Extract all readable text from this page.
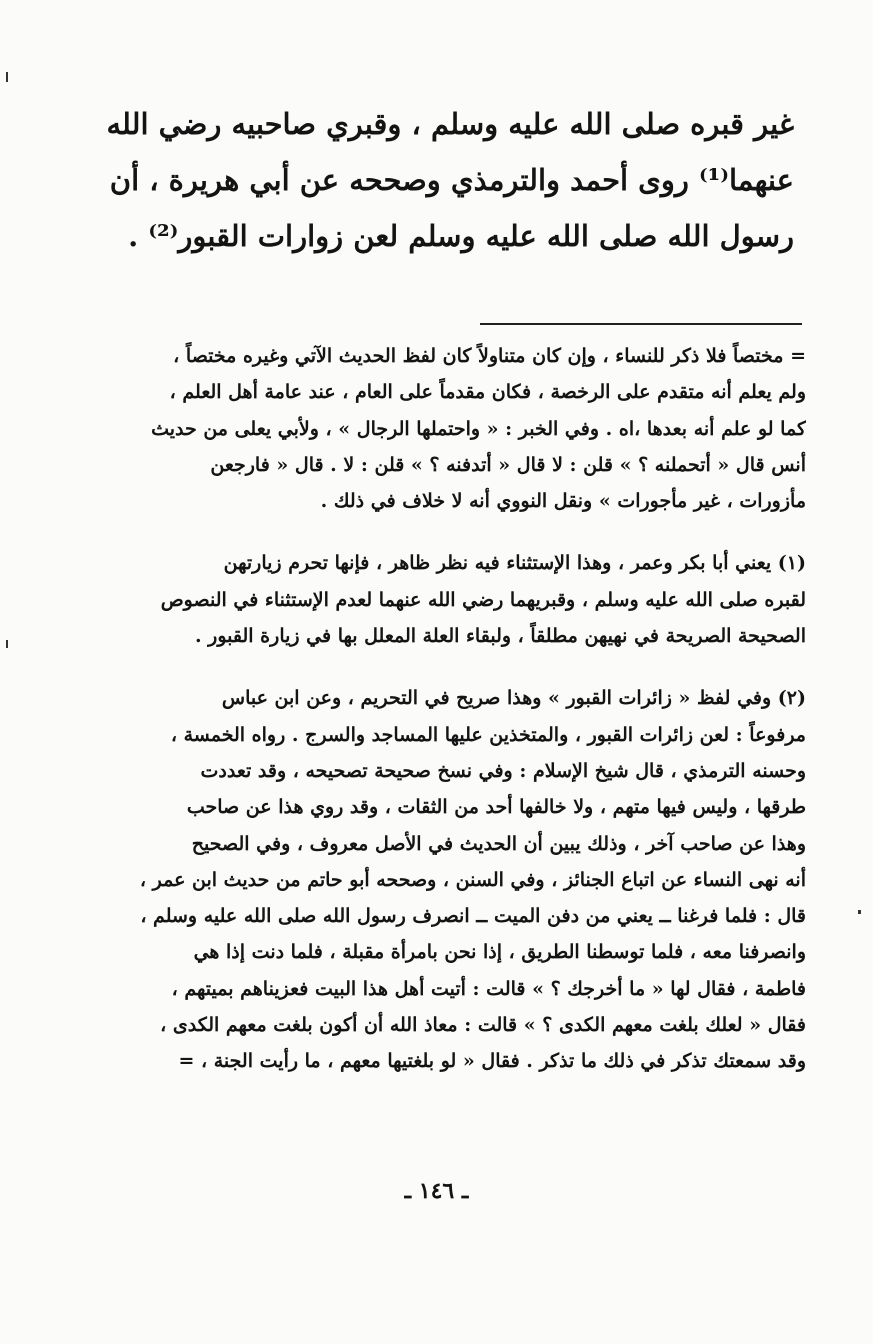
غير قبره صلى الله عليه وسلم ، وقبري صاحبيه رضي الله
عنهما⁽¹⁾ روى أحمد والترمذي وصححه عن أبي هريرة ، أن
رسول الله صلى الله عليه وسلم لعن زوارات القبور⁽²⁾ .
= مختصاً فلا ذكر للنساء ، وإن كان متناولاً كان لفظ الحديث الآتي وغيره مختصاً ،
ولم يعلم أنه متقدم على الرخصة ، فكان مقدماً على العام ، عند عامة أهل العلم ،
كما لو علم أنه بعدها ،اه . وفي الخبر : « واحتملها الرجال » ، ولأبي يعلى من حديث
أنس قال « أتحملنه ؟ » قلن : لا قال « أتدفنه ؟ » قلن : لا . قال « فارجعن
مأزورات ، غير مأجورات » ونقل النووي أنه لا خلاف في ذلك .
(١) يعني أبا بكر وعمر ، وهذا الإستثناء فيه نظر ظاهر ، فإنها تحرم زيارتهن
لقبره صلى الله عليه وسلم ، وقبريهما رضي الله عنهما لعدم الإستثناء في النصوص
الصحيحة الصريحة في نهيهن مطلقاً ، ولبقاء العلة المعلل بها في زيارة القبور .
(٢) وفي لفظ « زائرات القبور » وهذا صريح في التحريم ، وعن ابن عباس
مرفوعاً : لعن زائرات القبور ، والمتخذين عليها المساجد والسرج . رواه الخمسة ،
وحسنه الترمذي ، قال شيخ الإسلام : وفي نسخ صحيحة تصحيحه ، وقد تعددت
طرقها ، وليس فيها متهم ، ولا خالفها أحد من الثقات ، وقد روي هذا عن صاحب
وهذا عن صاحب آخر ، وذلك يبين أن الحديث في الأصل معروف ، وفي الصحيح
أنه نهى النساء عن اتباع الجنائز ، وفي السنن ، وصححه أبو حاتم من حديث ابن عمر ،
قال : فلما فرغنا ــ يعني من دفن الميت ــ انصرف رسول الله صلى الله عليه وسلم ،
وانصرفنا معه ، فلما توسطنا الطريق ، إذا نحن بامرأة مقبلة ، فلما دنت إذا هي
فاطمة ، فقال لها « ما أخرجك ؟ » قالت : أتيت أهل هذا البيت فعزيناهم بميتهم ،
فقال « لعلك بلغت معهم الكدى ؟ » قالت : معاذ الله أن أكون بلغت معهم الكدى ،
وقد سمعتك تذكر في ذلك ما تذكر . فقال « لو بلغتيها معهم ، ما رأيت الجنة ، =
ـ ١٤٦ ـ
